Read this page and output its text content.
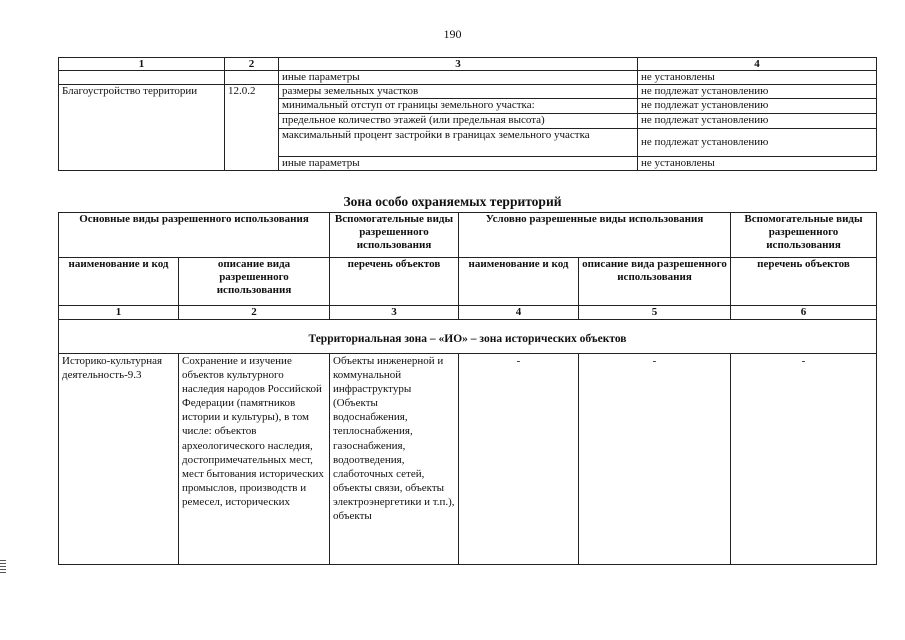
190
1	2	3	4
		иные параметры	не установлены
Благоустройство территории	12.0.2	размеры земельных участков	не подлежат установлению
		минимальный отступ от границы земельного участка:	не подлежат установлению
		предельное количество этажей (или предельная высота)	не подлежат установлению
		максимальный процент застройки в границах земельного участка	не подлежат установлению
		иные параметры	не установлены
Зона особо охраняемых территорий
Основные виды разрешенного использования		Вспомогательные виды разрешенного использования	Условно разрешенные виды использования		Вспомогательные виды разрешенного использования
наименование и код	описание вида разрешенного использования	перечень объектов	наименование и код	описание вида разрешенного использования	перечень объектов
1	2	3	4	5	6
Территориальная зона – «ИО» – зона исторических объектов					
Историко-культурная деятельность-9.3	Сохранение и изучение объектов культурного наследия народов Российской Федерации (памятников истории и культуры), в том числе: объектов археологического наследия, достопримечательных мест, мест бытования исторических промыслов, производств и ремесел, исторических	Объекты инженерной и коммунальной инфраструктуры (Объекты водоснабжения, теплоснабжения, газоснабжения, водоотведения, слаботочных сетей, объекты связи, объекты электроэнергетики и т.п.), объекты	-	-	-
